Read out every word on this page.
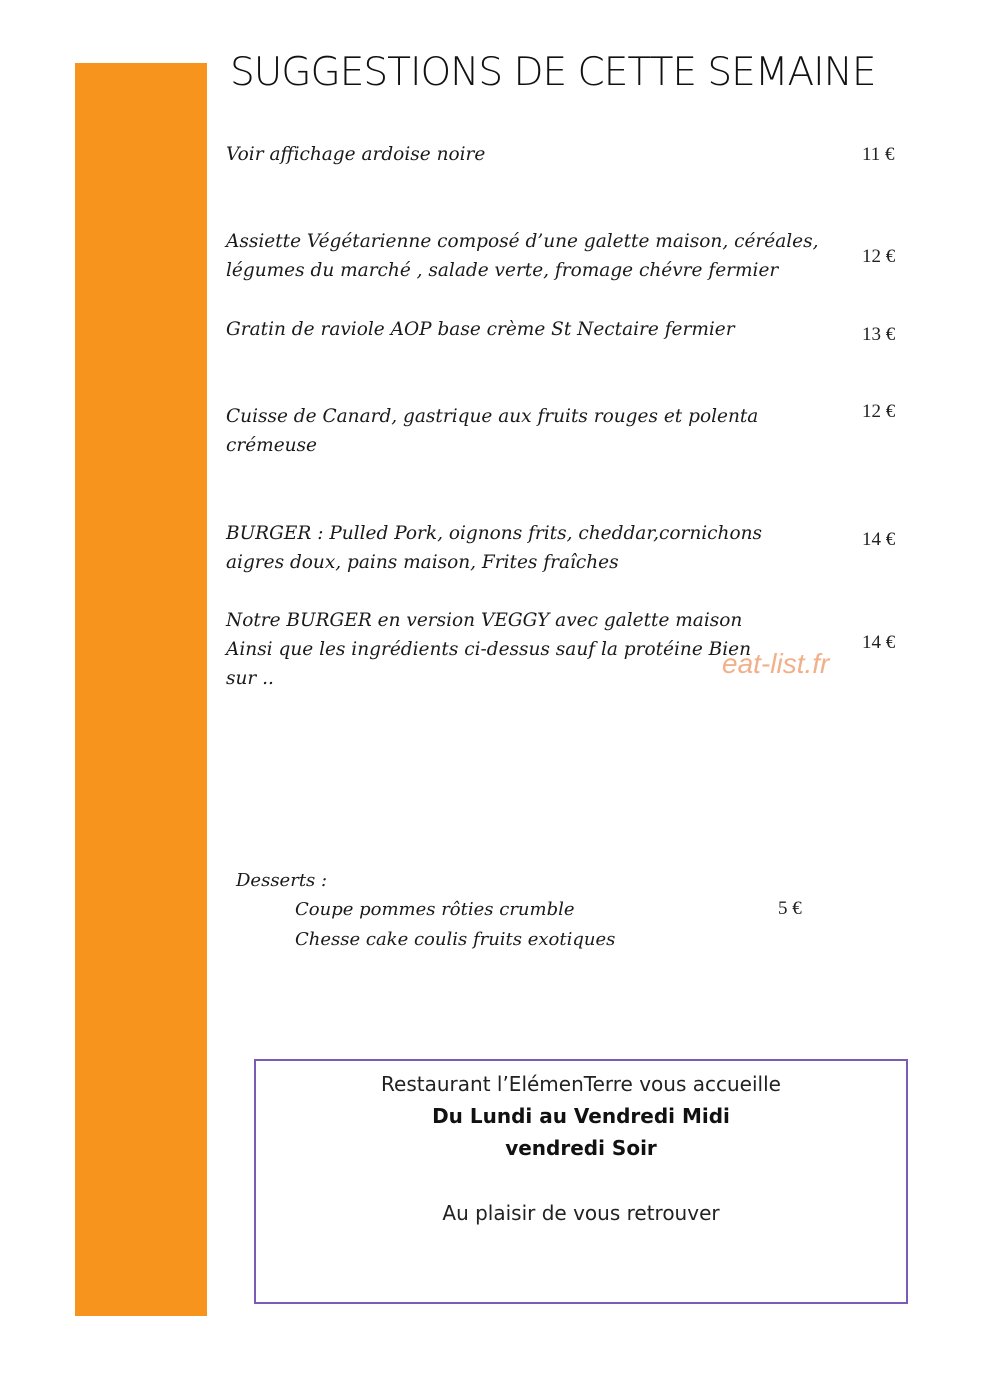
SUGGESTIONS DE CETTE SEMAINE
Voir affichage ardoise noire	11 €
Assiette Végétarienne composé d’une galette maison, céréales,
légumes du marché , salade verte, fromage chévre fermier
12 €
Gratin de raviole AOP base crème St Nectaire fermier	13 €
Cuisse de Canard, gastrique aux fruits rouges et polenta
crémeuse
12 €
BURGER : Pulled Pork, oignons frits, cheddar,cornichons
aigres doux, pains maison, Frites fraîches
14 €
Notre BURGER en version VEGGY avec galette maison
Ainsi que les ingrédients ci-dessus sauf la protéine Bien
sur ..
14 €
eat-list.fr
Desserts :
Coupe pommes rôties crumble
Chesse cake coulis fruits exotiques
5 €
Restaurant l’ElémenTerre vous accueille
Du Lundi au Vendredi Midi
vendredi Soir
Au plaisir de vous retrouver
